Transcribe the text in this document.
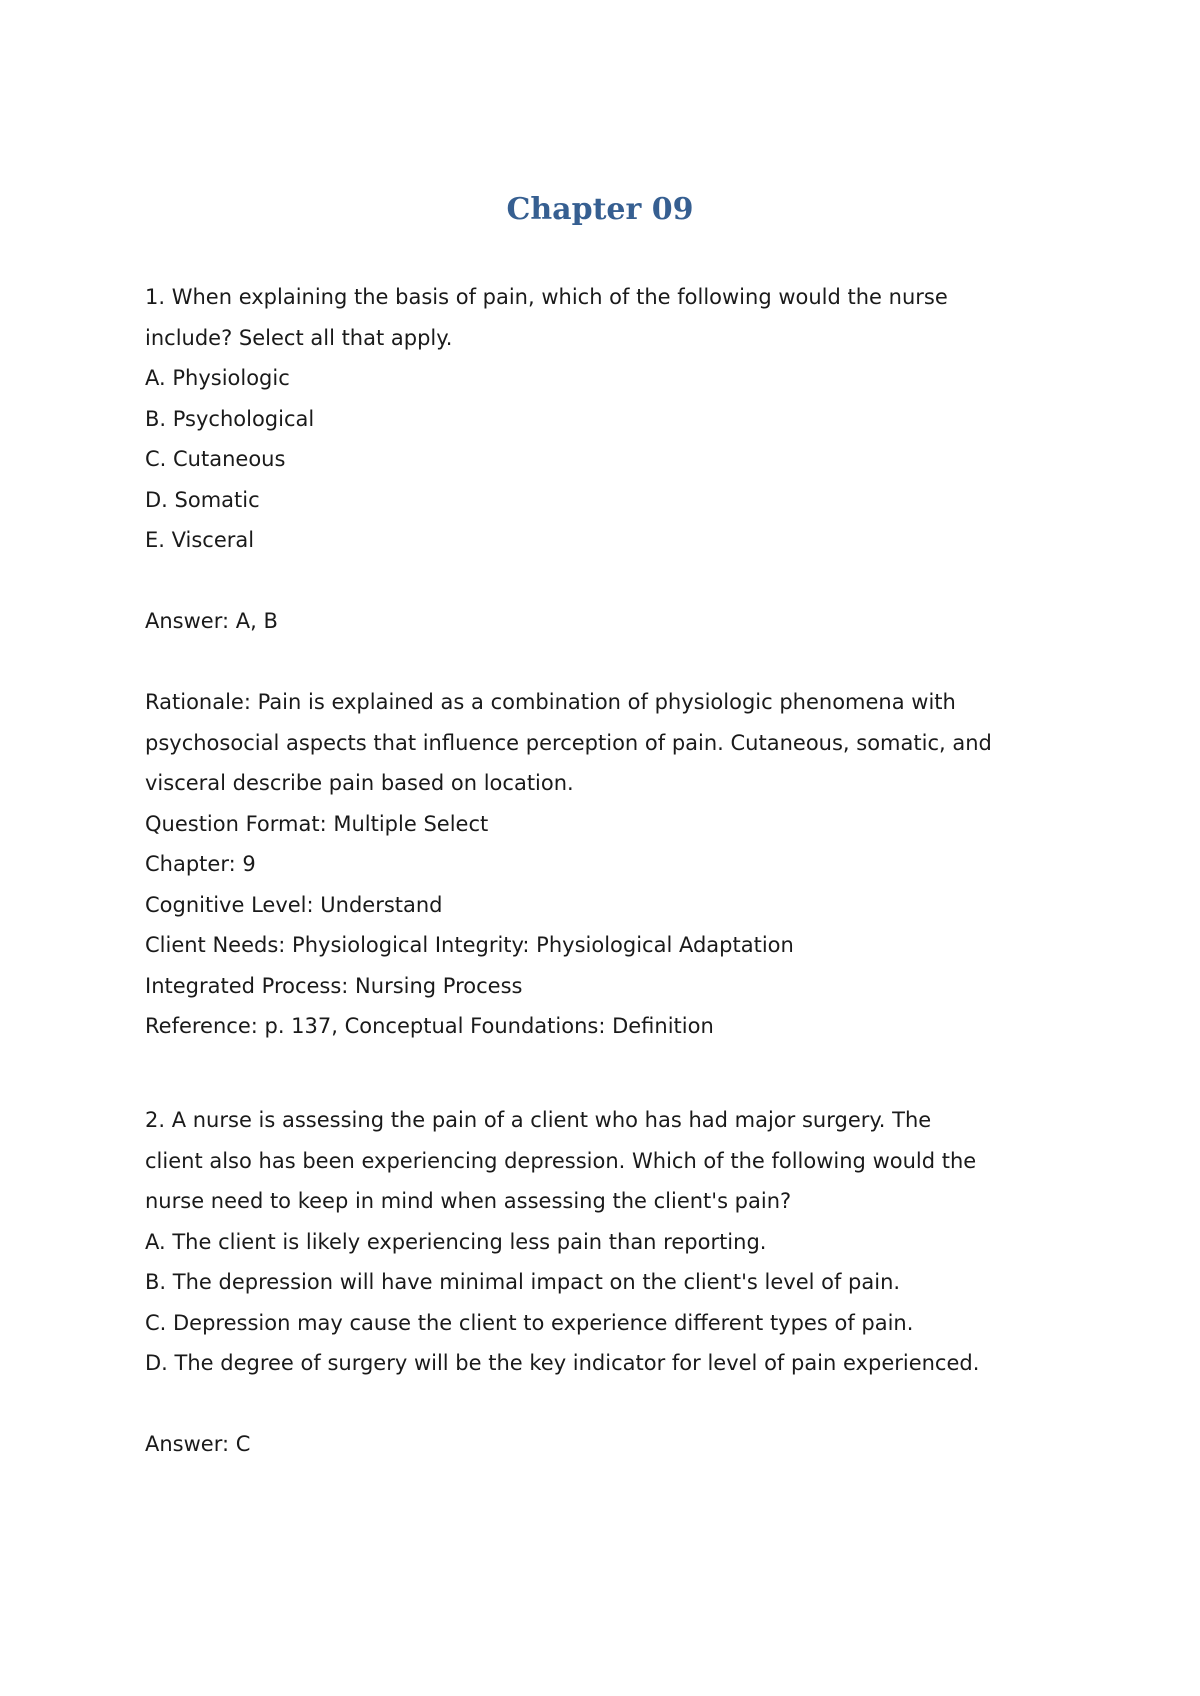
Chapter 09
1. When explaining the basis of pain, which of the following would the nurse
include? Select all that apply.
A. Physiologic
B. Psychological
C. Cutaneous
D. Somatic
E. Visceral
Answer: A, B
Rationale: Pain is explained as a combination of physiologic phenomena with
psychosocial aspects that influence perception of pain. Cutaneous, somatic, and
visceral describe pain based on location.
Question Format: Multiple Select
Chapter: 9
Cognitive Level: Understand
Client Needs: Physiological Integrity: Physiological Adaptation
Integrated Process: Nursing Process
Reference: p. 137, Conceptual Foundations: Definition
2. A nurse is assessing the pain of a client who has had major surgery. The
client also has been experiencing depression. Which of the following would the
nurse need to keep in mind when assessing the client's pain?
A. The client is likely experiencing less pain than reporting.
B. The depression will have minimal impact on the client's level of pain.
C. Depression may cause the client to experience different types of pain.
D. The degree of surgery will be the key indicator for level of pain experienced.
Answer: C
